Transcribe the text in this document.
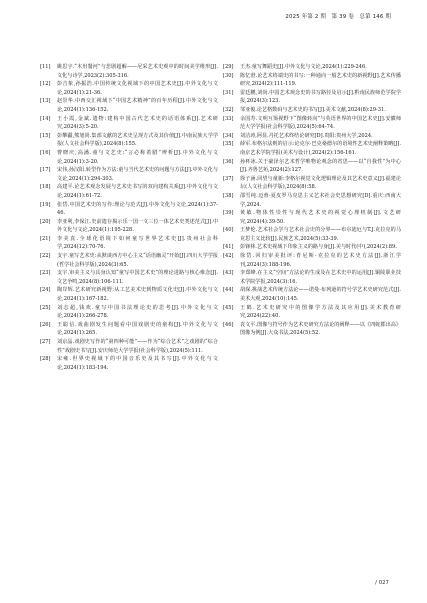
2025 年第 2 期　第 39 卷　总第 146 期
[11]	姚思宇.“木卅餐河”与悲剧超解——尼采艺术史观中的时间美学维形[J].文化与诗学,2023(2):305-316.
[12]	彭吉象,孙振浩.中国传统文化视域下的中国艺术史[J].中外文化与文论,2024(1):21-36.
[13]	赵崇华.中西交汇视域下“中国艺术精神”的百年历程[J].中外文化与文论,2024(1):136-152.
[14]	王小霞,金斌.遗物:建构中国古代艺术史的话语体系[J].艺术研究,2024(3):5-20.
[15]	彭攀疆,熊旭尚.集部文献的艺术史呈现方式及其价值[J].中南民族大学学报(人文社会科学版),2024(8):155.
[16]	曹晓庆,高潘.童与文艺史:“言必称希腊”辨析[J].中外文化与文论,2024(1):3-20.
[17]	宋伟,孙汉阳.转型作为方法:童与当代艺术史的问题与方法[J].中外文化与文论,2024(1):294-303.
[18]	高建平.论艺术观念发展与艺术史书写的双向建构关系[J].中外文化与文论,2024(1):61-72.
[19]	张岱.中国艺术史的写作:理论与范式[J].中外文化与文论,2024(1):37-46.
[20]	李亚利,李保江.史前遗存揭示乐一国一文三位一体艺术史类述范式[J].中外文化与文论,2024(1):195-228.
[21]	李美真.全球化语境下如何童写世界艺术史[J].贵州社会科学,2024(12):70-76.
[22]	支宇.童写艺术史:从默谈西方中心主义“话语幽灵”开始[J].四川大学学报(哲学社会科学版),2024(3):65.
[23]	支宇.审美主义与具身认知“童写中国艺术史”的理论进路与核心难念[J].文艺争鸣,2024(8):106-111.
[24]	陶岸辉.艺术研究新视野:从工艺美术史到物质文化史[J].中外文化与文论,2024(1):167-182.
[25]	刘志超,钱欢.童写中国书法理论史的思考[J].中外文化与文论,2024(1):266-278.
[26]	王聪信.戏曲剧发生问题看中国戏剧史的童构[J].中外文化与文论,2024(1):265.
[27]	刘京晶.戏剧史写作的“第四种可能”——作为“综合艺术”之戏剧的“综合性”戏剧史书写[J].安庆师范大学学报(社会科学版),2024(5):111.
[28]	宋雍.世界史视域下的中国音乐史及其书写[J].中外文化与文论,2024(1):183-194.
[29]	王杰.童写舞蹈史[J].中外文化与文论,2024(1):229-246.
[30]	陈忆澄.论艺术终端史的书写:一种通向一般艺术史的新视野[J].艺术传播研究,2024(2):111-119.
[31]	雷廷鹏,刘尚.中国艺术观念史的书写路径及启示[J].黔南民族师范学院学报,2024(3):123.
[32]	邹亚俊.论艺格数码与艺术史的书写[J].美术文献,2024(8):29-31.
[33]	余国寿.文明互鉴视野下“图像转向”与英语世界的中国艺术史[J].安徽师范大学学报(社会科学版),2024(5):64-74.
[34]	刘洁涛,阿显.丹托艺术终结论研究[D].贵阳:贵州大学,2024.
[35]	薛军.布格尔法则的启示:论克尔·巴克桑德尔的语境性艺术史阐释策略[J].南京艺术学院学报(美术与设计),2024(2):156-161.
[36]	孙杯冰.关于豪泽尔艺术哲学唯物论观念的省思——以“自我性”为中心[J].齐鲁艺苑,2024(2):127.
[37]	徐子涵.回望与童新:李格尔视觉文化逻辑理论及其艺术史意义[J].福建论坛(人文社会科学版),2024(8):58.
[38]	邵雪纯.迈蓉·夏皮罗马克思主义艺术社会史思想研究[D].重庆:西南大学,2024.
[39]	黄敏.物体性崇性与现代艺术史的视觉心理机制[J].文艺研究,2024(4):39-50.
[40]	王梦伦.艺术社会学与艺术社会史的分界——布尔迪厄与T.J.克拉克的马克思主义比较[J].民族艺术,2024(5):33-39.
[41]	彭锋林.艺术史视域下印象主义的路与身[J].美与时代(中),2024(2):89.
[42]	徐岱.回归审美批评:育尼斯·克拉克的艺术史方法[J].浙江学刊,2024(3):188-196.
[43]	李郑峰.在主义“空间”方法论的生成及在艺术史中的运用[J].铜陵职业技术学院学报,2024(3):16.
[44]	胡琛.挑战艺术传统方法论——诺曼·布列逊的符号学艺术史研究范式[J].美术大观,2024(10):145.
[45]	王鹤.艺术史研究中的图像学方法及其应用[J].美术教育研究,2024(22):40.
[46]	袁文平.图像与符号作为艺术史研究方法论的阐释——以《四蛇郡出高》图像为例[J].大众书法,2024(5):52.
/ 027
